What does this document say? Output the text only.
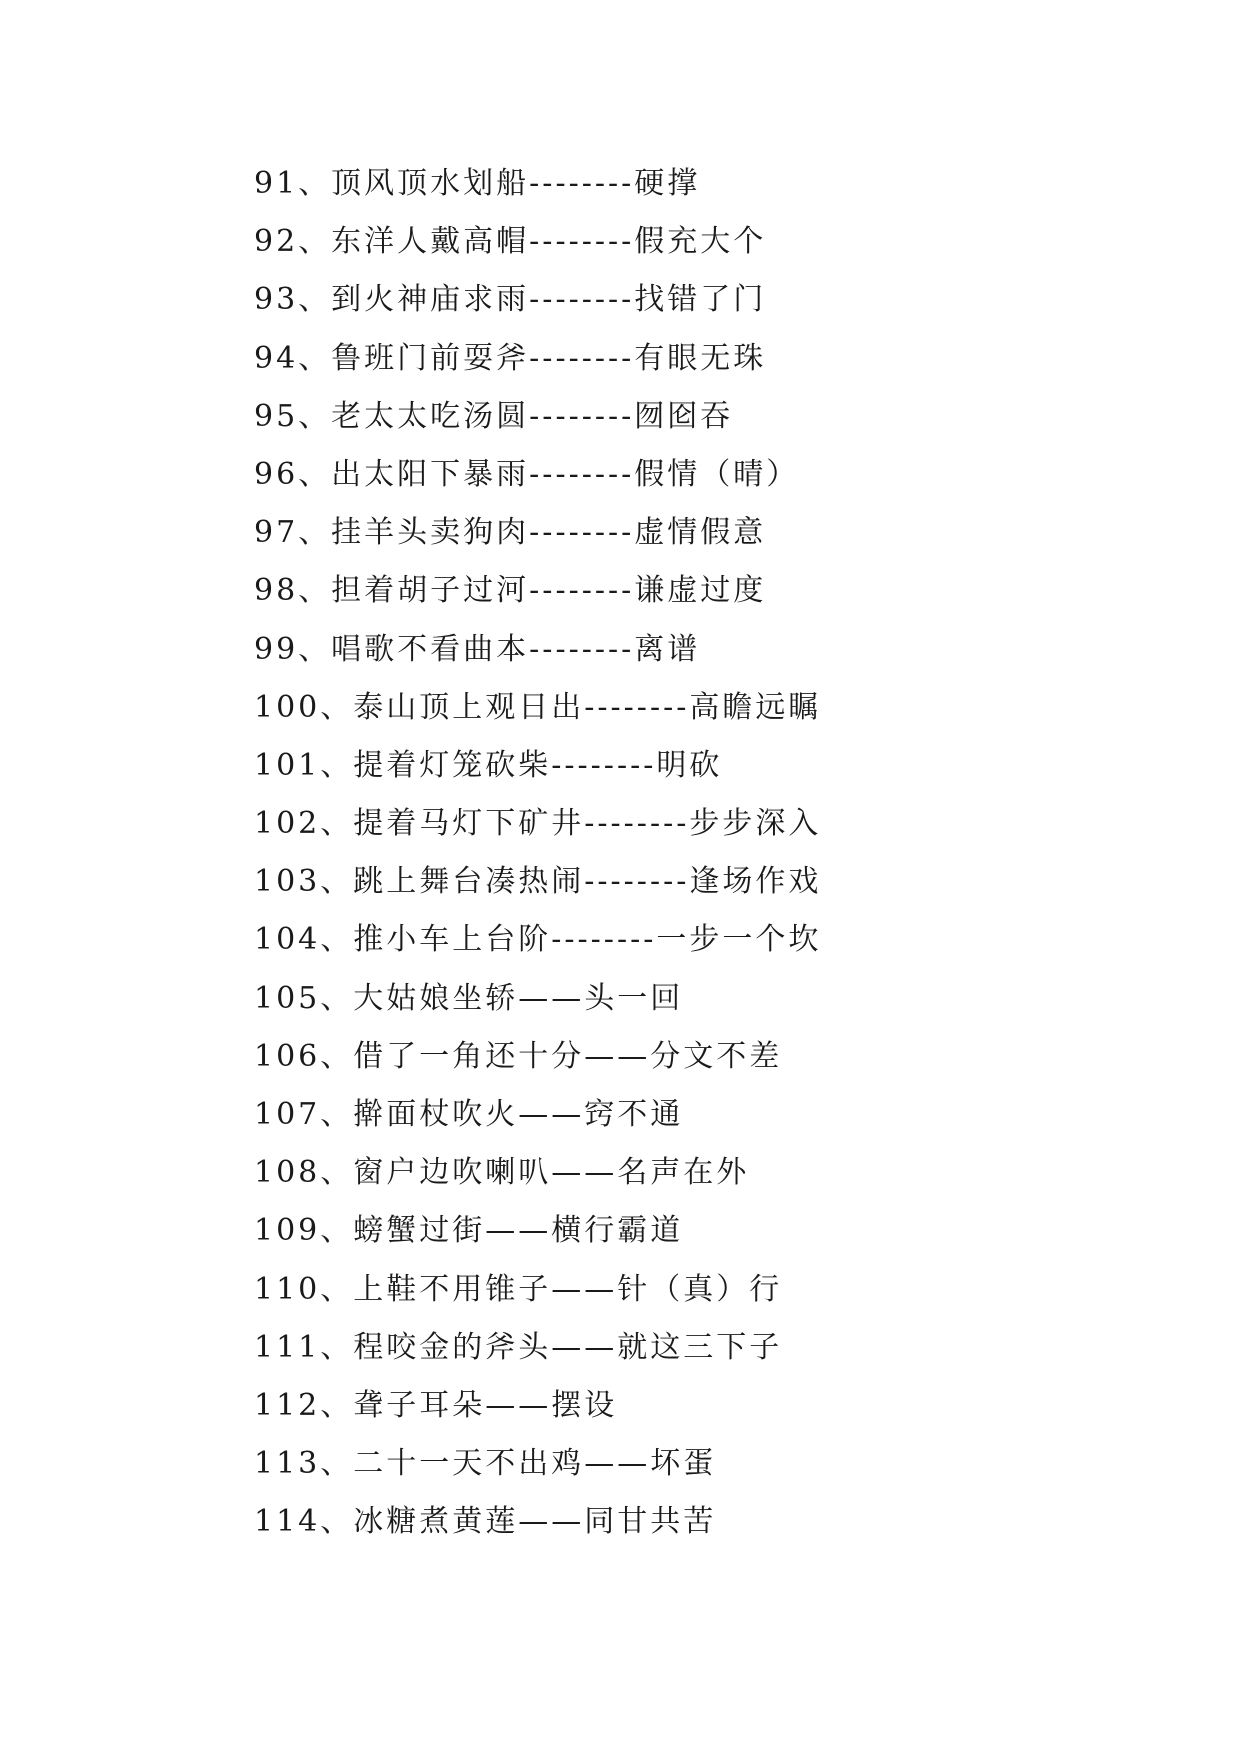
91、顶风顶水划船--------硬撑
92、东洋人戴高帽--------假充大个
93、到火神庙求雨--------找错了门
94、鲁班门前耍斧--------有眼无珠
95、老太太吃汤圆--------囫囵吞
96、出太阳下暴雨--------假情（晴）
97、挂羊头卖狗肉--------虚情假意
98、担着胡子过河--------谦虚过度
99、唱歌不看曲本--------离谱
100、泰山顶上观日出--------高瞻远瞩
101、提着灯笼砍柴--------明砍
102、提着马灯下矿井--------步步深入
103、跳上舞台凑热闹--------逢场作戏
104、推小车上台阶--------一步一个坎
105、大姑娘坐轿——头一回
106、借了一角还十分——分文不差
107、擀面杖吹火——窍不通
108、窗户边吹喇叭——名声在外
109、螃蟹过街——横行霸道
110、上鞋不用锥子——针（真）行
111、程咬金的斧头——就这三下子
112、聋子耳朵——摆设
113、二十一天不出鸡——坏蛋
114、冰糖煮黄莲——同甘共苦
